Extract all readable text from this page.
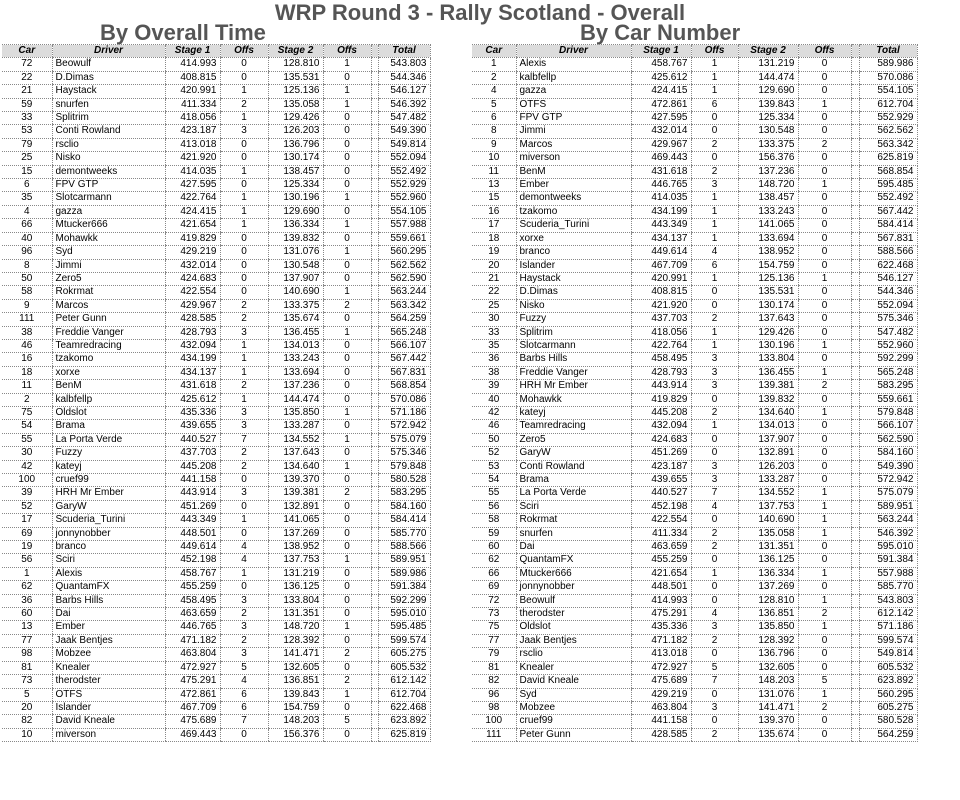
WRP Round 3 - Rally Scotland - Overall
By Overall Time	By Car Number
Car	Driver	Stage 1	Offs	Stage 2	Offs		Total
72	Beowulf	414.993	0	128.810	1		543.803
22	D.Dimas	408.815	0	135.531	0		544.346
21	Haystack	420.991	1	125.136	1		546.127
59	snurfen	411.334	2	135.058	1		546.392
33	Splitrim	418.056	1	129.426	0		547.482
53	Conti Rowland	423.187	3	126.203	0		549.390
79	rsclio	413.018	0	136.796	0		549.814
25	Nisko	421.920	0	130.174	0		552.094
15	demontweeks	414.035	1	138.457	0		552.492
6	FPV GTP	427.595	0	125.334	0		552.929
35	Slotcarmann	422.764	1	130.196	1		552.960
4	gazza	424.415	1	129.690	0		554.105
66	Mtucker666	421.654	1	136.334	1		557.988
40	Mohawkk	419.829	0	139.832	0		559.661
96	Syd	429.219	0	131.076	1		560.295
8	Jimmi	432.014	0	130.548	0		562.562
50	Zero5	424.683	0	137.907	0		562.590
58	Rokrmat	422.554	0	140.690	1		563.244
9	Marcos	429.967	2	133.375	2		563.342
111	Peter Gunn	428.585	2	135.674	0		564.259
38	Freddie Vanger	428.793	3	136.455	1		565.248
46	Teamredracing	432.094	1	134.013	0		566.107
16	tzakomo	434.199	1	133.243	0		567.442
18	xorxe	434.137	1	133.694	0		567.831
11	BenM	431.618	2	137.236	0		568.854
2	kalbfellp	425.612	1	144.474	0		570.086
75	Oldslot	435.336	3	135.850	1		571.186
54	Brama	439.655	3	133.287	0		572.942
55	La Porta Verde	440.527	7	134.552	1		575.079
30	Fuzzy	437.703	2	137.643	0		575.346
42	kateyj	445.208	2	134.640	1		579.848
100	cruef99	441.158	0	139.370	0		580.528
39	HRH Mr Ember	443.914	3	139.381	2		583.295
52	GaryW	451.269	0	132.891	0		584.160
17	Scuderia_Turini	443.349	1	141.065	0		584.414
69	jonnynobber	448.501	0	137.269	0		585.770
19	branco	449.614	4	138.952	0		588.566
56	Sciri	452.198	4	137.753	1		589.951
1	Alexis	458.767	1	131.219	0		589.986
62	QuantamFX	455.259	0	136.125	0		591.384
36	Barbs Hills	458.495	3	133.804	0		592.299
60	Dai	463.659	2	131.351	0		595.010
13	Ember	446.765	3	148.720	1		595.485
77	Jaak Bentjes	471.182	2	128.392	0		599.574
98	Mobzee	463.804	3	141.471	2		605.275
81	Knealer	472.927	5	132.605	0		605.532
73	therodster	475.291	4	136.851	2		612.142
5	OTFS	472.861	6	139.843	1		612.704
20	Islander	467.709	6	154.759	0		622.468
82	David Kneale	475.689	7	148.203	5		623.892
10	miverson	469.443	0	156.376	0		625.819
Car	Driver	Stage 1	Offs	Stage 2	Offs		Total
1	Alexis	458.767	1	131.219	0		589.986
2	kalbfellp	425.612	1	144.474	0		570.086
4	gazza	424.415	1	129.690	0		554.105
5	OTFS	472.861	6	139.843	1		612.704
6	FPV GTP	427.595	0	125.334	0		552.929
8	Jimmi	432.014	0	130.548	0		562.562
9	Marcos	429.967	2	133.375	2		563.342
10	miverson	469.443	0	156.376	0		625.819
11	BenM	431.618	2	137.236	0		568.854
13	Ember	446.765	3	148.720	1		595.485
15	demontweeks	414.035	1	138.457	0		552.492
16	tzakomo	434.199	1	133.243	0		567.442
17	Scuderia_Turini	443.349	1	141.065	0		584.414
18	xorxe	434.137	1	133.694	0		567.831
19	branco	449.614	4	138.952	0		588.566
20	Islander	467.709	6	154.759	0		622.468
21	Haystack	420.991	1	125.136	1		546.127
22	D.Dimas	408.815	0	135.531	0		544.346
25	Nisko	421.920	0	130.174	0		552.094
30	Fuzzy	437.703	2	137.643	0		575.346
33	Splitrim	418.056	1	129.426	0		547.482
35	Slotcarmann	422.764	1	130.196	1		552.960
36	Barbs Hills	458.495	3	133.804	0		592.299
38	Freddie Vanger	428.793	3	136.455	1		565.248
39	HRH Mr Ember	443.914	3	139.381	2		583.295
40	Mohawkk	419.829	0	139.832	0		559.661
42	kateyj	445.208	2	134.640	1		579.848
46	Teamredracing	432.094	1	134.013	0		566.107
50	Zero5	424.683	0	137.907	0		562.590
52	GaryW	451.269	0	132.891	0		584.160
53	Conti Rowland	423.187	3	126.203	0		549.390
54	Brama	439.655	3	133.287	0		572.942
55	La Porta Verde	440.527	7	134.552	1		575.079
56	Sciri	452.198	4	137.753	1		589.951
58	Rokrmat	422.554	0	140.690	1		563.244
59	snurfen	411.334	2	135.058	1		546.392
60	Dai	463.659	2	131.351	0		595.010
62	QuantamFX	455.259	0	136.125	0		591.384
66	Mtucker666	421.654	1	136.334	1		557.988
69	jonnynobber	448.501	0	137.269	0		585.770
72	Beowulf	414.993	0	128.810	1		543.803
73	therodster	475.291	4	136.851	2		612.142
75	Oldslot	435.336	3	135.850	1		571.186
77	Jaak Bentjes	471.182	2	128.392	0		599.574
79	rsclio	413.018	0	136.796	0		549.814
81	Knealer	472.927	5	132.605	0		605.532
82	David Kneale	475.689	7	148.203	5		623.892
96	Syd	429.219	0	131.076	1		560.295
98	Mobzee	463.804	3	141.471	2		605.275
100	cruef99	441.158	0	139.370	0		580.528
111	Peter Gunn	428.585	2	135.674	0		564.259
